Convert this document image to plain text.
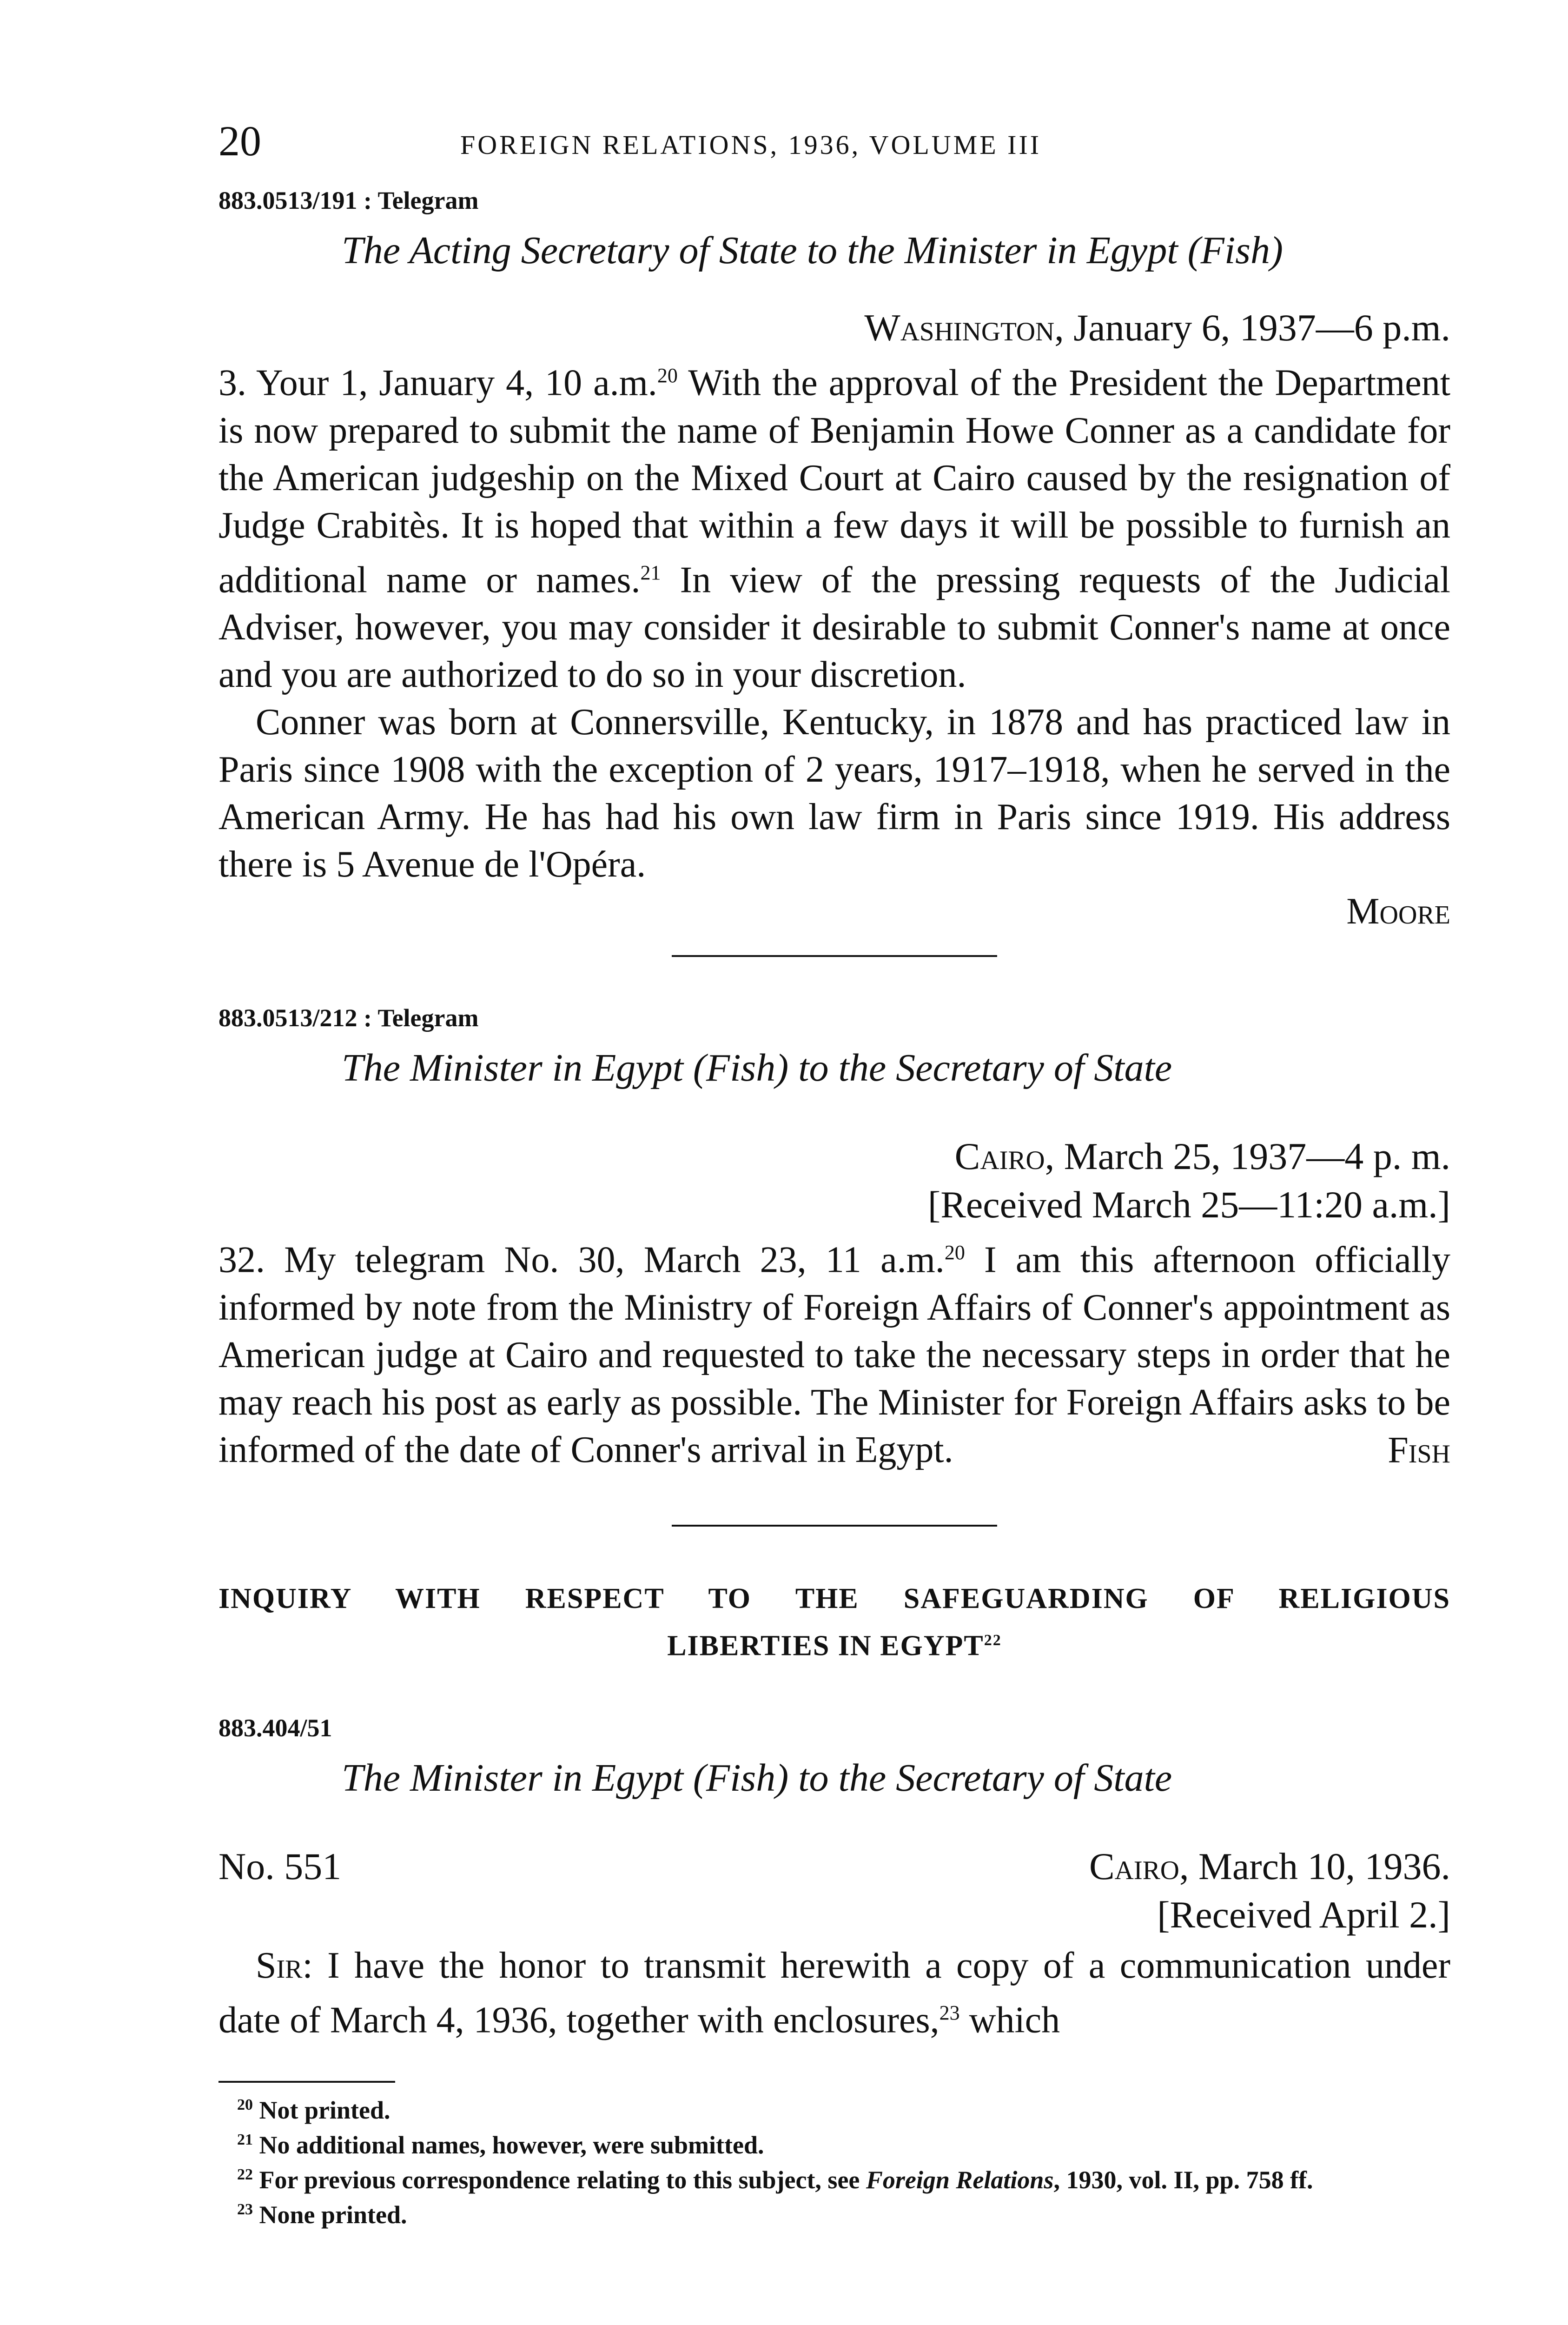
20	FOREIGN RELATIONS, 1936, VOLUME III
883.0513/191 : Telegram
The Acting Secretary of State to the Minister in Egypt (Fish)
Washington, January 6, 1937—6 p.m.

3. Your 1, January 4, 10 a.m.$^{20}$ With the approval of the President the Department is now prepared to submit the name of Benjamin Howe Conner as a candidate for the American judgeship on the Mixed Court at Cairo caused by the resignation of Judge Crabitès. It is hoped that within a few days it will be possible to furnish an additional name or names.$^{21}$ In view of the pressing requests of the Judicial Adviser, however, you may consider it desirable to submit Conner's name at once and you are authorized to do so in your discretion.

Conner was born at Connersville, Kentucky, in 1878 and has practiced law in Paris since 1908 with the exception of 2 years, 1917–1918, when he served in the American Army. He has had his own law firm in Paris since 1919. His address there is 5 Avenue de l'Opéra.

Moore
883.0513/212 : Telegram
The Minister in Egypt (Fish) to the Secretary of State
Cairo, March 25, 1937—4 p. m.
[Received March 25—11:20 a.m.]

32. My telegram No. 30, March 23, 11 a.m.$^{20}$ I am this afternoon officially informed by note from the Ministry of Foreign Affairs of Conner's appointment as American judge at Cairo and requested to take the necessary steps in order that he may reach his post as early as possible. The Minister for Foreign Affairs asks to be informed of the date of Conner's arrival in Egypt.	Fish
INQUIRY WITH RESPECT TO THE SAFEGUARDING OF RELIGIOUS
LIBERTIES IN EGYPT$^{22}$
883.404/51
The Minister in Egypt (Fish) to the Secretary of State
No. 551	Cairo, March 10, 1936.
[Received April 2.]

Sir: I have the honor to transmit herewith a copy of a communication under date of March 4, 1936, together with enclosures,$^{23}$ which

$^{20}$ Not printed.
$^{21}$ No additional names, however, were submitted.
$^{22}$ For previous correspondence relating to this subject, see Foreign Relations, 1930, vol. II, pp. 758 ff.
$^{23}$ None printed.
